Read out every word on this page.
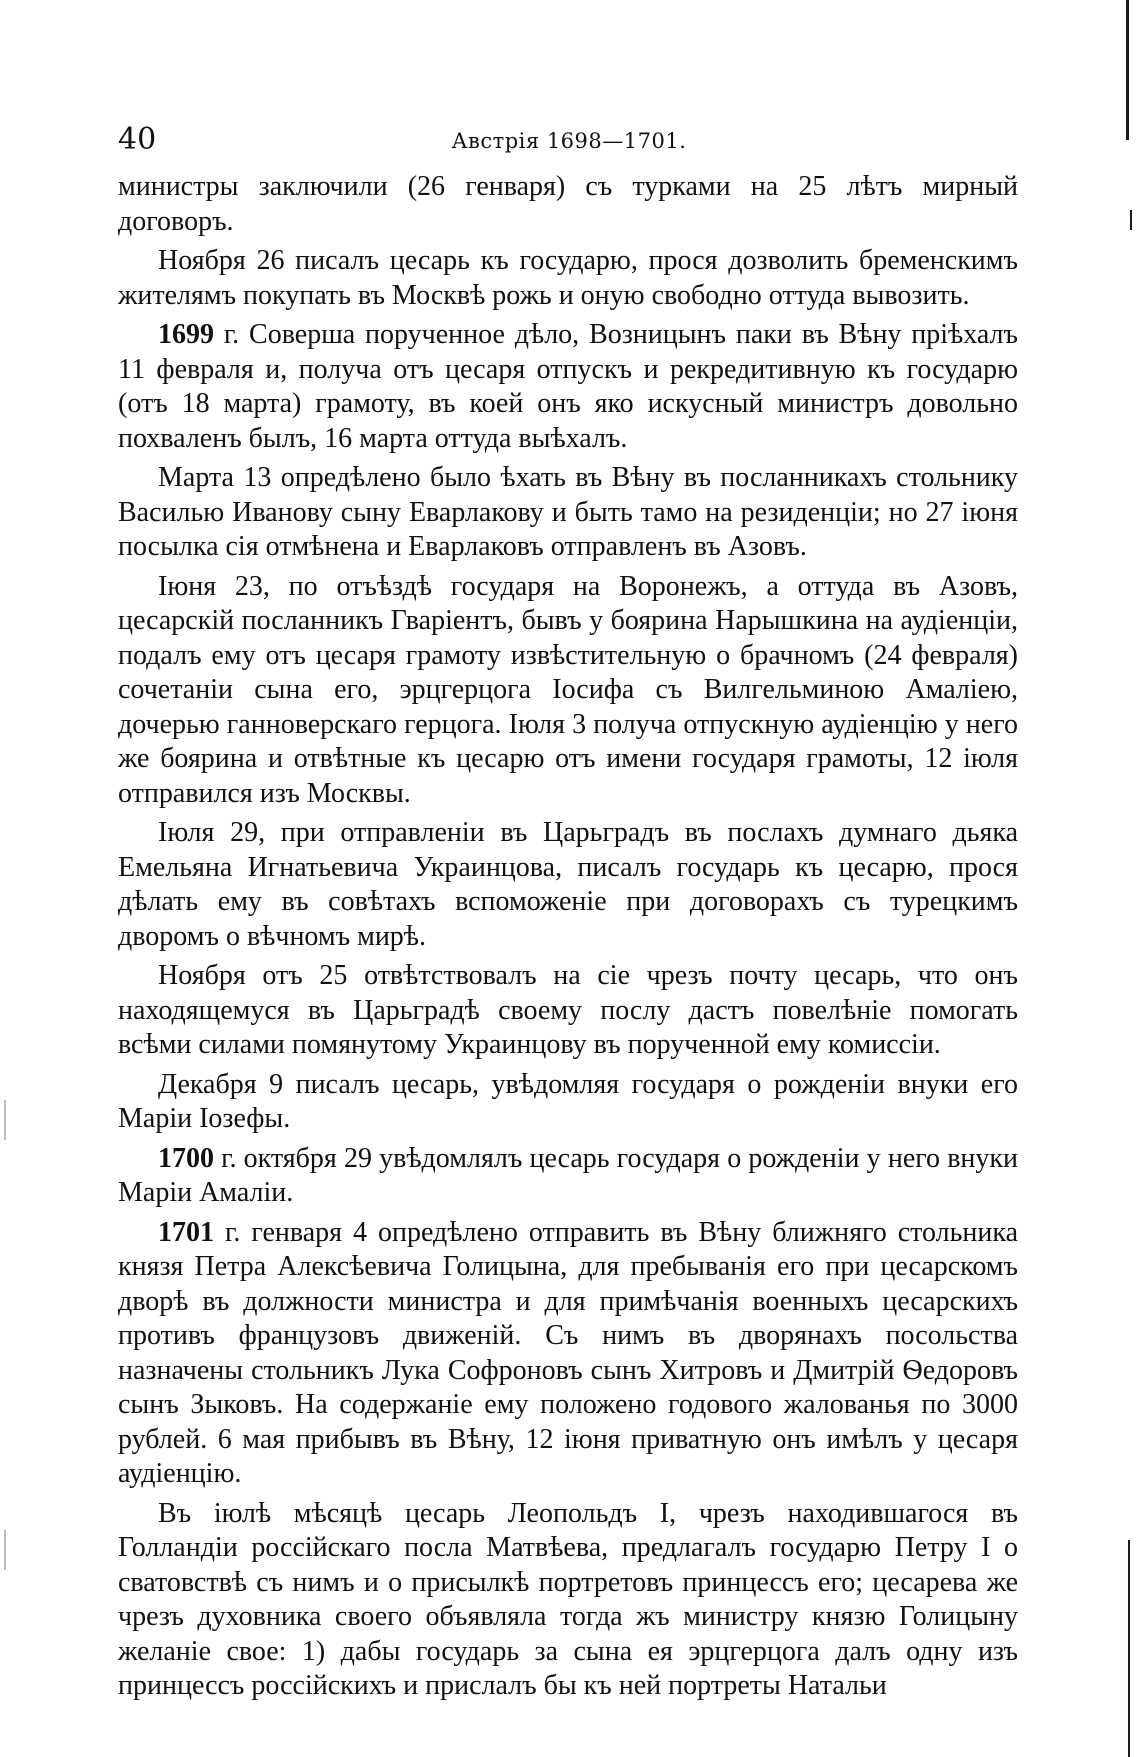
40	Австрія 1698—1701.

министры заключили (26 генваря) съ турками на 25 лѣтъ мирный договоръ.

Ноября 26 писалъ цесарь къ государю, прося дозволить бременскимъ жителямъ покупать въ Москвѣ рожь и оную свободно оттуда вывозить.

1699 г. Соверша порученное дѣло, Возницынъ паки въ Вѣну пріѣхалъ 11 февраля и, получа отъ цесаря отпускъ и рекредитивную къ государю (отъ 18 марта) грамоту, въ коей онъ яко искусный министръ довольно похваленъ былъ, 16 марта оттуда выѣхалъ.

Марта 13 опредѣлено было ѣхать въ Вѣну въ посланникахъ стольнику Василью Иванову сыну Еварлакову и быть тамо на резиденціи; но 27 іюня посылка сія отмѣнена и Еварлаковъ отправленъ въ Азовъ.

Іюня 23, по отъѣздѣ государя на Воронежъ, а оттуда въ Азовъ, цесарскій посланникъ Гваріентъ, бывъ у боярина Нарышкина на аудіенціи, подалъ ему отъ цесаря грамоту извѣстительную о брачномъ (24 февраля) сочетаніи сына его, эрцгерцога Іосифа съ Вилгельминою Амаліею, дочерью ганноверскаго герцога. Іюля 3 получа отпускную аудіенцію у него же боярина и отвѣтные къ цесарю отъ имени государя грамоты, 12 іюля отправился изъ Москвы.

Іюля 29, при отправленіи въ Царьградъ въ послахъ думнаго дьяка Емельяна Игнатьевича Украинцова, писалъ государь къ цесарю, прося дѣлать ему въ совѣтахъ вспоможеніе при договорахъ съ турецкимъ дворомъ о вѣчномъ мирѣ.

Ноября отъ 25 отвѣтствовалъ на сіе чрезъ почту цесарь, что онъ находящемуся въ Царьградѣ своему послу дастъ повелѣніе помогать всѣми силами помянутому Украинцову въ порученной ему комиссіи.

Декабря 9 писалъ цесарь, увѣдомляя государя о рожденіи внуки его Маріи Іозефы.

1700 г. октября 29 увѣдомлялъ цесарь государя о рожденіи у него внуки Маріи Амаліи.

1701 г. генваря 4 опредѣлено отправить въ Вѣну ближняго стольника князя Петра Алексѣевича Голицына, для пребыванія его при цесарскомъ дворѣ въ должности министра и для примѣчанія военныхъ цесарскихъ противъ французовъ движеній. Съ нимъ въ дворянахъ посольства назначены стольникъ Лука Софроновъ сынъ Хитровъ и Дмитрій Ѳедоровъ сынъ Зыковъ. На содержаніе ему положено годового жалованья по 3000 рублей. 6 мая прибывъ въ Вѣну, 12 іюня приватную онъ имѣлъ у цесаря аудіенцію.

Въ іюлѣ мѣсяцѣ цесарь Леопольдъ I, чрезъ находившагося въ Голландіи россійскаго посла Матвѣева, предлагалъ государю Петру I о сватовствѣ съ нимъ и о присылкѣ портретовъ принцессъ его; цесарева же чрезъ духовника своего объявляла тогда жъ министру князю Голицыну желаніе свое: 1) дабы государь за сына ея эрцгерцога далъ одну изъ принцессъ россійскихъ и прислалъ бы къ ней портреты Натальи
